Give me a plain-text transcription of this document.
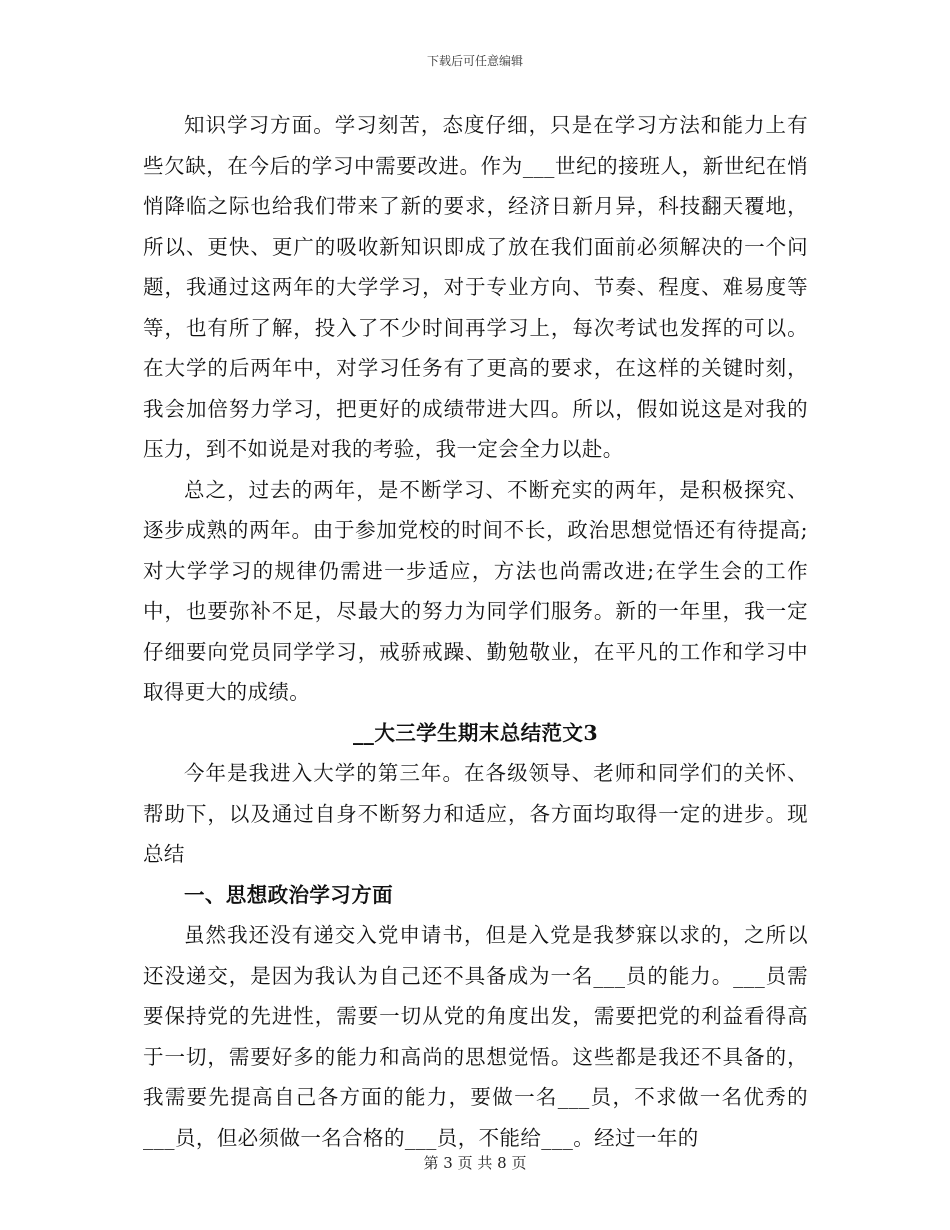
下载后可任意编辑

知识学习方面。学习刻苦，态度仔细，只是在学习方法和能力上有些欠缺，在今后的学习中需要改进。作为___世纪的接班人，新世纪在悄悄降临之际也给我们带来了新的要求，经济日新月异，科技翻天覆地，所以、更快、更广的吸收新知识即成了放在我们面前必须解决的一个问题，我通过这两年的大学学习，对于专业方向、节奏、程度、难易度等等，也有所了解，投入了不少时间再学习上，每次考试也发挥的可以。在大学的后两年中，对学习任务有了更高的要求，在这样的关键时刻，我会加倍努力学习，把更好的成绩带进大四。所以，假如说这是对我的压力，到不如说是对我的考验，我一定会全力以赴。

总之，过去的两年，是不断学习、不断充实的两年，是积极探究、逐步成熟的两年。由于参加党校的时间不长，政治思想觉悟还有待提高;对大学学习的规律仍需进一步适应，方法也尚需改进;在学生会的工作中，也要弥补不足，尽最大的努力为同学们服务。新的一年里，我一定仔细要向党员同学学习，戒骄戒躁、勤勉敬业，在平凡的工作和学习中取得更大的成绩。

__大三学生期末总结范文3

今年是我进入大学的第三年。在各级领导、老师和同学们的关怀、帮助下，以及通过自身不断努力和适应，各方面均取得一定的进步。现总结

一、思想政治学习方面

虽然我还没有递交入党申请书，但是入党是我梦寐以求的，之所以还没递交，是因为我认为自己还不具备成为一名___员的能力。___员需要保持党的先进性，需要一切从党的角度出发，需要把党的利益看得高于一切，需要好多的能力和高尚的思想觉悟。这些都是我还不具备的，我需要先提高自己各方面的能力，要做一名___员，不求做一名优秀的___员，但必须做一名合格的___员，不能给___。经过一年的

第 3 页 共 8 页
